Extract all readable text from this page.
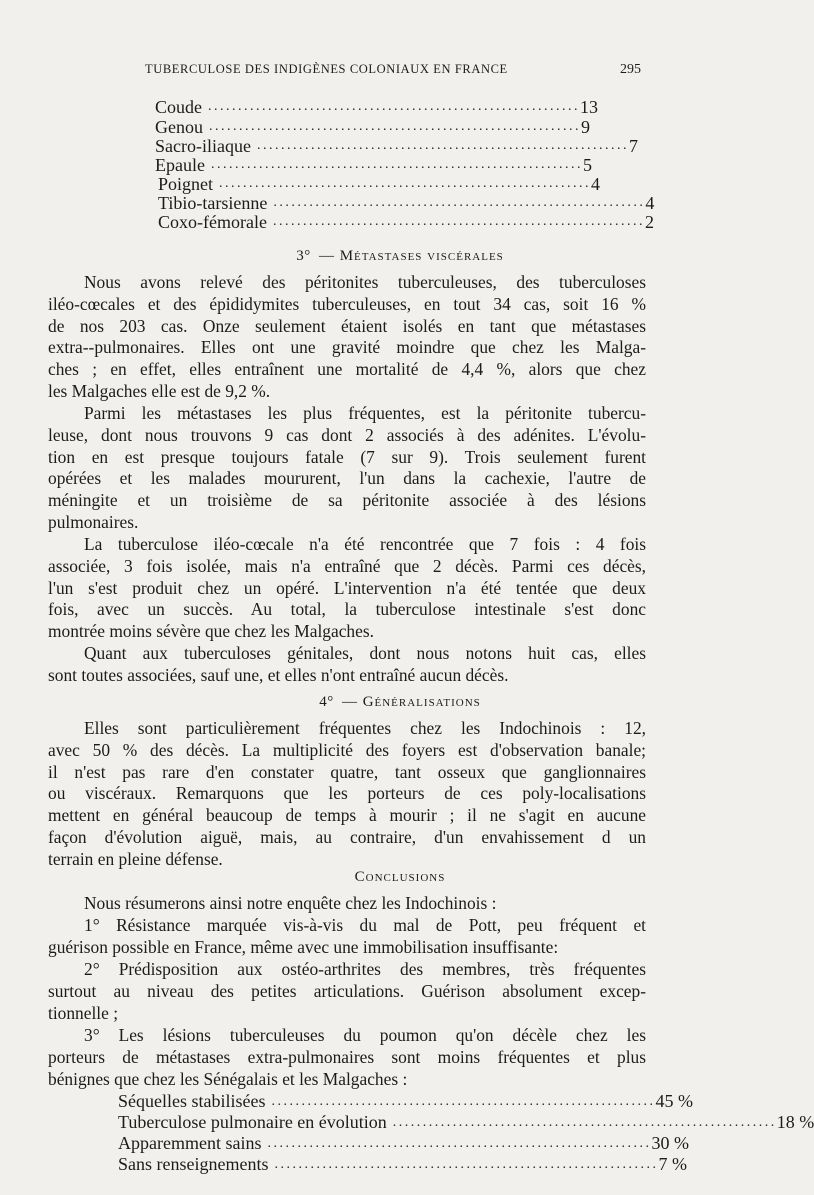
TUBERCULOSE DES INDIGÈNES COLONIAUX EN FRANCE	295
Coude .............................................................. 13
Genou .............................................................. 9
Sacro-iliaque .............................................................. 7
Epaule .............................................................. 5
Poignet .............................................................. 4
Tibio-tarsienne .............................................................. 4
Coxo-fémorale .............................................................. 2
3° — Métastases viscérales
Nous avons relevé des péritonites tuberculeuses, des tuberculoses
iléo-cœcales et des épididymites tuberculeuses, en tout 34 cas, soit 16 %
de nos 203 cas. Onze seulement étaient isolés en tant que métastases
extra--pulmonaires. Elles ont une gravité moindre que chez les Malga-
ches ; en effet, elles entraînent une mortalité de 4,4 %, alors que chez
les Malgaches elle est de 9,2 %.
Parmi les métastases les plus fréquentes, est la péritonite tubercu-
leuse, dont nous trouvons 9 cas dont 2 associés à des adénites. L'évolu-
tion en est presque toujours fatale (7 sur 9). Trois seulement furent
opérées et les malades moururent, l'un dans la cachexie, l'autre de
méningite et un troisième de sa péritonite associée à des lésions
pulmonaires.
La tuberculose iléo-cœcale n'a été rencontrée que 7 fois : 4 fois
associée, 3 fois isolée, mais n'a entraîné que 2 décès. Parmi ces décès,
l'un s'est produit chez un opéré. L'intervention n'a été tentée que deux
fois, avec un succès. Au total, la tuberculose intestinale s'est donc
montrée moins sévère que chez les Malgaches.
Quant aux tuberculoses génitales, dont nous notons huit cas, elles
sont toutes associées, sauf une, et elles n'ont entraîné aucun décès.
4° — Généralisations
Elles sont particulièrement fréquentes chez les Indochinois : 12,
avec 50 % des décès. La multiplicité des foyers est d'observation banale;
il n'est pas rare d'en constater quatre, tant osseux que ganglionnaires
ou viscéraux. Remarquons que les porteurs de ces poly-localisations
mettent en général beaucoup de temps à mourir ; il ne s'agit en aucune
façon d'évolution aiguë, mais, au contraire, d'un envahissement d un
terrain en pleine défense.
Conclusions
Nous résumerons ainsi notre enquête chez les Indochinois :
1° Résistance marquée vis-à-vis du mal de Pott, peu fréquent et
guérison possible en France, même avec une immobilisation insuffisante:
2° Prédisposition aux ostéo-arthrites des membres, très fréquentes
surtout au niveau des petites articulations. Guérison absolument excep-
tionnelle ;
3° Les lésions tuberculeuses du poumon qu'on décèle chez les
porteurs de métastases extra-pulmonaires sont moins fréquentes et plus
bénignes que chez les Sénégalais et les Malgaches :
Séquelles stabilisées ................................................................ 45 %
Tuberculose pulmonaire en évolution ................................................................ 18 %
Apparemment sains ................................................................ 30 %
Sans renseignements ................................................................ 7 %
